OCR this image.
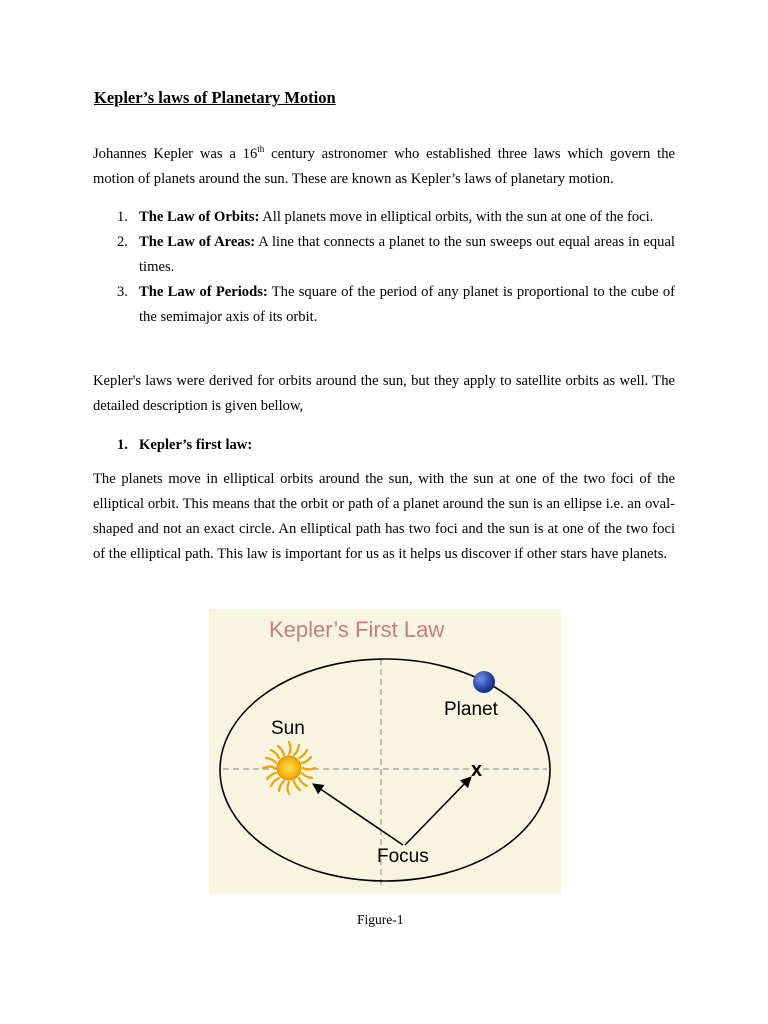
Kepler’s laws of Planetary Motion

Johannes Kepler was a 16th century astronomer who established three laws which govern the motion of planets around the sun. These are known as Kepler’s laws of planetary motion.

1. The Law of Orbits: All planets move in elliptical orbits, with the sun at one of the foci.
2. The Law of Areas: A line that connects a planet to the sun sweeps out equal areas in equal times.
3. The Law of Periods: The square of the period of any planet is proportional to the cube of the semimajor axis of its orbit.

Kepler's laws were derived for orbits around the sun, but they apply to satellite orbits as well. The detailed description is given bellow,

1. Kepler’s first law:

The planets move in elliptical orbits around the sun, with the sun at one of the two foci of the elliptical orbit. This means that the orbit or path of a planet around the sun is an ellipse i.e. an oval-shaped and not an exact circle. An elliptical path has two foci and the sun is at one of the two foci of the elliptical path. This law is important for us as it helps us discover if other stars have planets.

Kepler’s First Law
Sun
Planet
x
Focus
Figure-1
